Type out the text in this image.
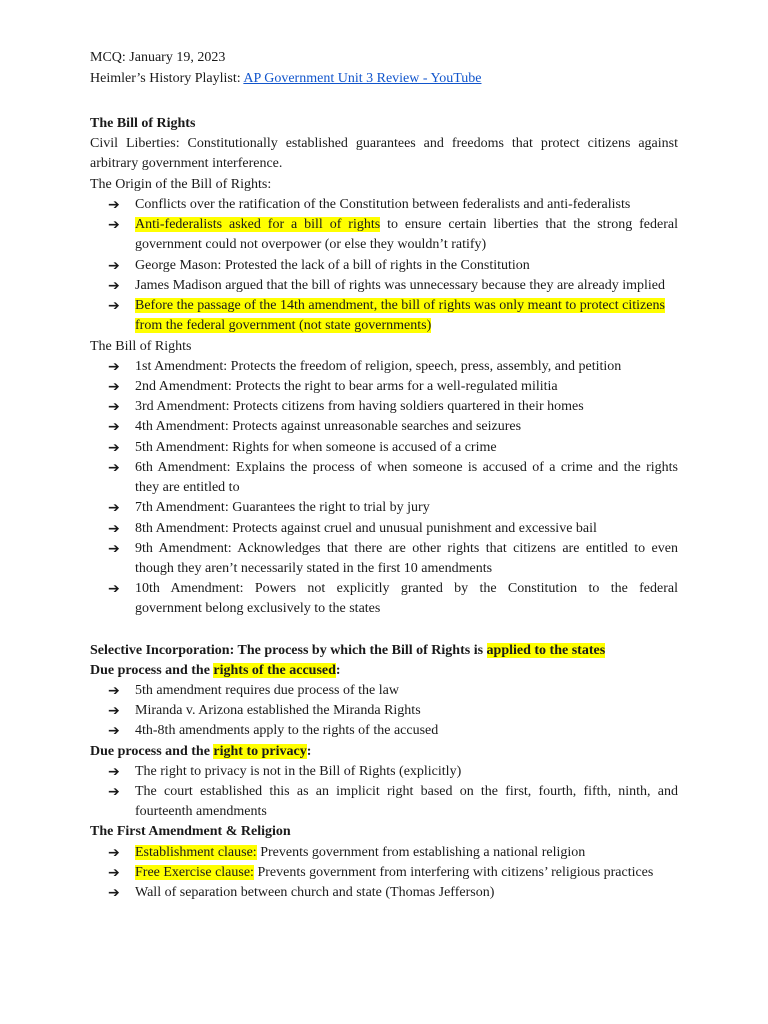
MCQ: January 19, 2023
Heimler’s History Playlist: AP Government Unit 3 Review - YouTube
The Bill of Rights
Civil Liberties: Constitutionally established guarantees and freedoms that protect citizens against
arbitrary government interference.
The Origin of the Bill of Rights:
➔	Conflicts over the ratification of the Constitution between federalists and anti-federalists
➔	Anti-federalists asked for a bill of rights to ensure certain liberties that the strong federal
government could not overpower (or else they wouldn’t ratify)
➔	George Mason: Protested the lack of a bill of rights in the Constitution
➔	James Madison argued that the bill of rights was unnecessary because they are already implied
➔	Before the passage of the 14th amendment, the bill of rights was only meant to protect citizens
from the federal government (not state governments)
The Bill of Rights
➔	1st Amendment: Protects the freedom of religion, speech, press, assembly, and petition
➔	2nd Amendment: Protects the right to bear arms for a well-regulated militia
➔	3rd Amendment: Protects citizens from having soldiers quartered in their homes
➔	4th Amendment: Protects against unreasonable searches and seizures
➔	5th Amendment: Rights for when someone is accused of a crime
➔	6th Amendment: Explains the process of when someone is accused of a crime and the rights
they are entitled to
➔	7th Amendment: Guarantees the right to trial by jury
➔	8th Amendment: Protects against cruel and unusual punishment and excessive bail
➔	9th Amendment: Acknowledges that there are other rights that citizens are entitled to even
though they aren’t necessarily stated in the first 10 amendments
➔	10th Amendment: Powers not explicitly granted by the Constitution to the federal
government belong exclusively to the states
Selective Incorporation: The process by which the Bill of Rights is applied to the states
Due process and the rights of the accused:
➔	5th amendment requires due process of the law
➔	Miranda v. Arizona established the Miranda Rights
➔	4th-8th amendments apply to the rights of the accused
Due process and the right to privacy:
➔	The right to privacy is not in the Bill of Rights (explicitly)
➔	The court established this as an implicit right based on the first, fourth, fifth, ninth, and
fourteenth amendments
The First Amendment & Religion
➔	Establishment clause: Prevents government from establishing a national religion
➔	Free Exercise clause: Prevents government from interfering with citizens’ religious practices
➔	Wall of separation between church and state (Thomas Jefferson)
